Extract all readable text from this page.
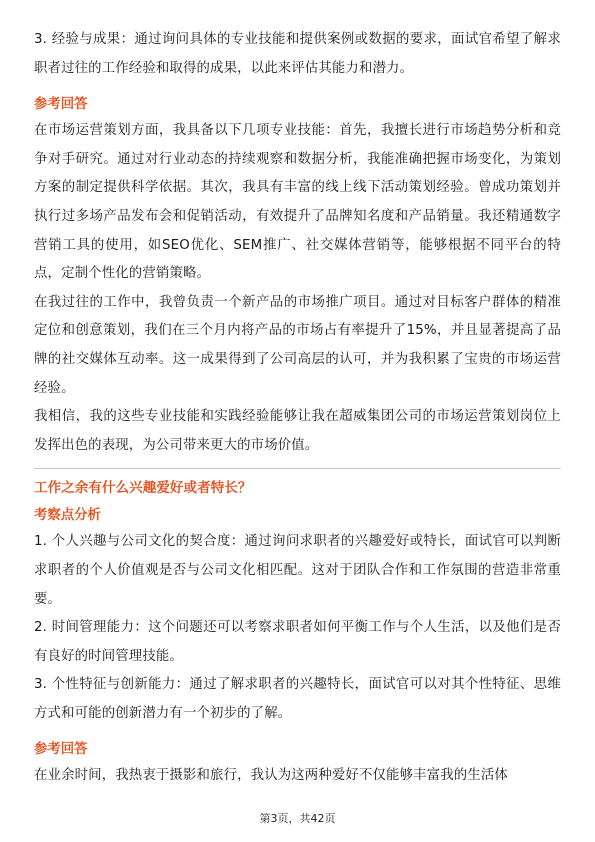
3. 经验与成果：通过询问具体的专业技能和提供案例或数据的要求，面试官希望了解求职者过往的工作经验和取得的成果，以此来评估其能力和潜力。

参考回答

在市场运营策划方面，我具备以下几项专业技能：首先，我擅长进行市场趋势分析和竞争对手研究。通过对行业动态的持续观察和数据分析，我能准确把握市场变化，为策划方案的制定提供科学依据。其次，我具有丰富的线上线下活动策划经验。曾成功策划并执行过多场产品发布会和促销活动，有效提升了品牌知名度和产品销量。我还精通数字营销工具的使用，如SEO优化、SEM推广、社交媒体营销等，能够根据不同平台的特点，定制个性化的营销策略。

在我过往的工作中，我曾负责一个新产品的市场推广项目。通过对目标客户群体的精准定位和创意策划，我们在三个月内将产品的市场占有率提升了15%，并且显著提高了品牌的社交媒体互动率。这一成果得到了公司高层的认可，并为我积累了宝贵的市场运营经验。

我相信，我的这些专业技能和实践经验能够让我在超威集团公司的市场运营策划岗位上发挥出色的表现，为公司带来更大的市场价值。

工作之余有什么兴趣爱好或者特长？

考察点分析

1. 个人兴趣与公司文化的契合度：通过询问求职者的兴趣爱好或特长，面试官可以判断求职者的个人价值观是否与公司文化相匹配。这对于团队合作和工作氛围的营造非常重要。

2. 时间管理能力：这个问题还可以考察求职者如何平衡工作与个人生活，以及他们是否有良好的时间管理技能。

3. 个性特征与创新能力：通过了解求职者的兴趣特长，面试官可以对其个性特征、思维方式和可能的创新潜力有一个初步的了解。

参考回答

在业余时间，我热衷于摄影和旅行，我认为这两种爱好不仅能够丰富我的生活体

第3页，共42页
